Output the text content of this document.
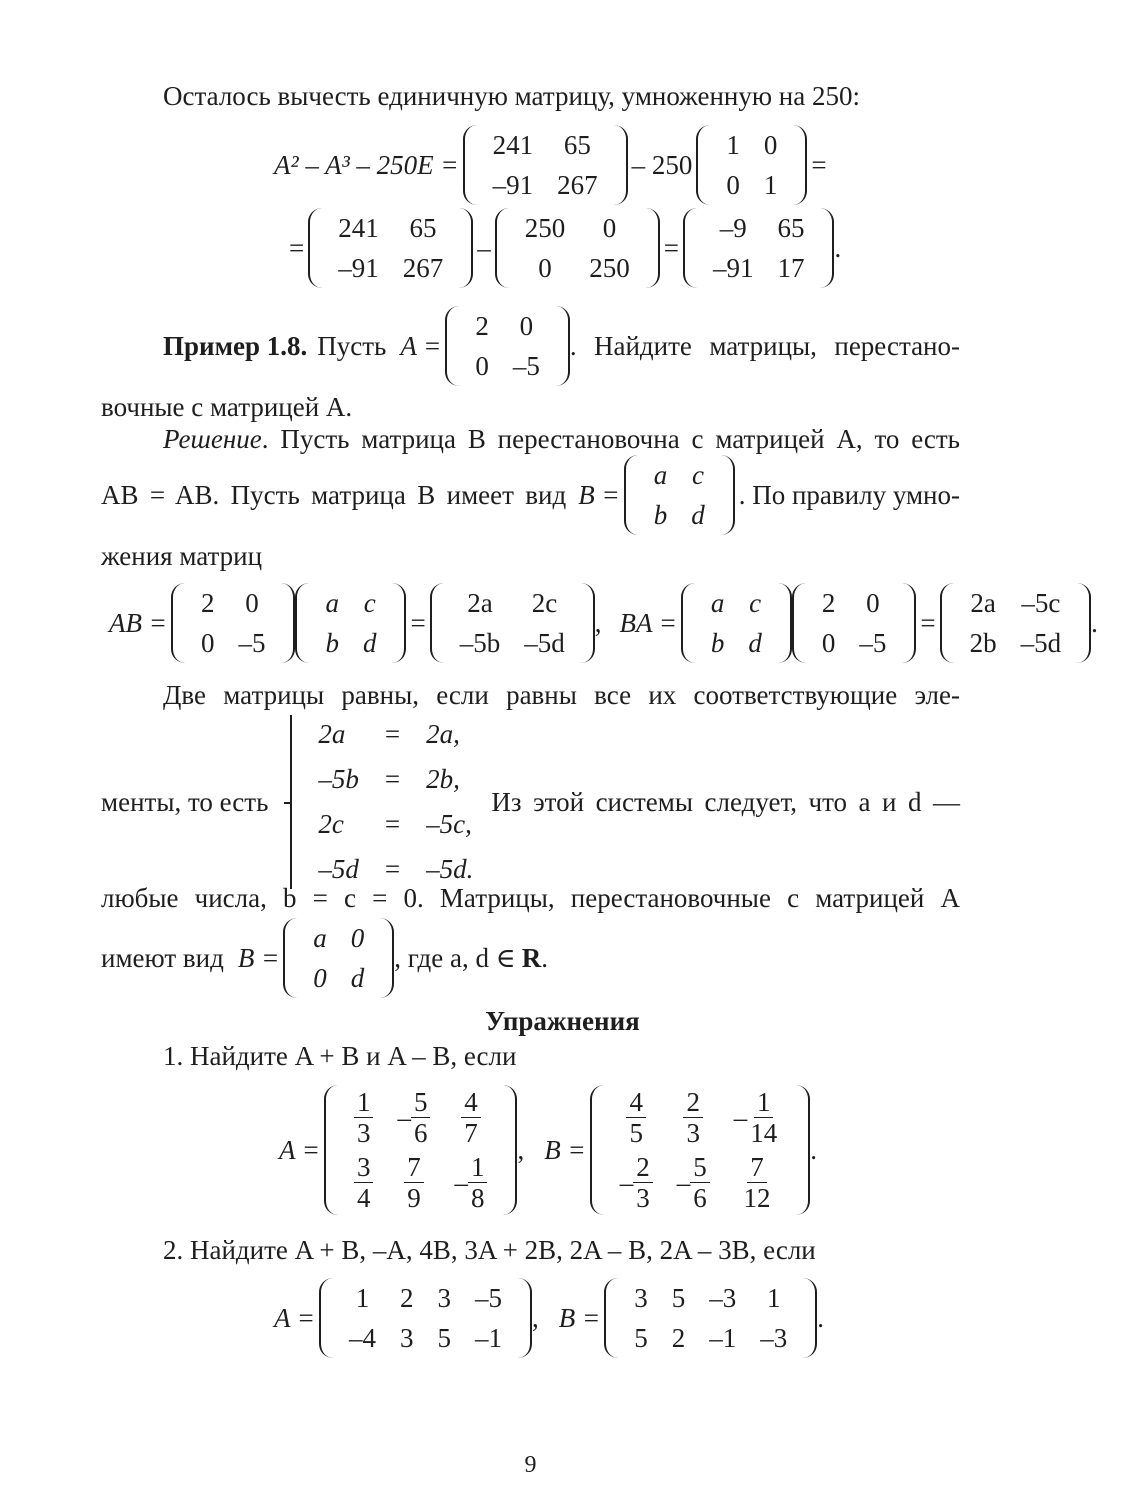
Осталось вычесть единичную матрицу, умноженную на 250:
A² – A³ – 250E =
241	65
–91	267
– 250
1	0
0	1
=
=
241	65
–91	267
–
250	0
0	250
=
–9	65
–91	17
.
Пример 1.8. Пусть A =
2	0
0	–5
. Найдите матрицы, перестано-
вочные с матрицей A.
Решение. Пусть матрица B перестановочна с матрицей A, то есть
AB = AB. Пусть матрица B имеет вид B =
a	c
b	d
. По правилу умно-
жения матриц
AB =
2	0
0	–5
a	c
b	d
=
2a	2c
–5b	–5d
, BA =
a	c
b	d
2	0
0	–5
=
2a	–5c
2b	–5d
.
Две матрицы равны, если равны все их соответствующие эле-
менты, то есть
2a	=	2a,
–5b	=	2b,
2c	=	–5c,
–5d	=	–5d.
Из этой системы следует, что a и d —
любые числа, b = c = 0. Матрицы, перестановочные с матрицей A
имеют вид B =
a	0
0	d
, где a, d ∈ R .
Упражнения
1. Найдите A + B и A – B, если
A =
$\frac{1}{3}$	– $\frac{5}{6}$	$\frac{4}{7}$

$\frac{3}{4}$	$\frac{7}{9}$	– $\frac{1}{8}$
, B =
$\frac{4}{5}$	$\frac{2}{3}$	– $\frac{1}{14}$

– $\frac{2}{3}$	– $\frac{5}{6}$	$\frac{7}{12}$
.
2. Найдите A + B, –A, 4B, 3A + 2B, 2A – B, 2A – 3B, если
A =
1	2	3	–5
–4	3	5	–1
, B =
3	5	–3	1
5	2	–1	–3
.
9
